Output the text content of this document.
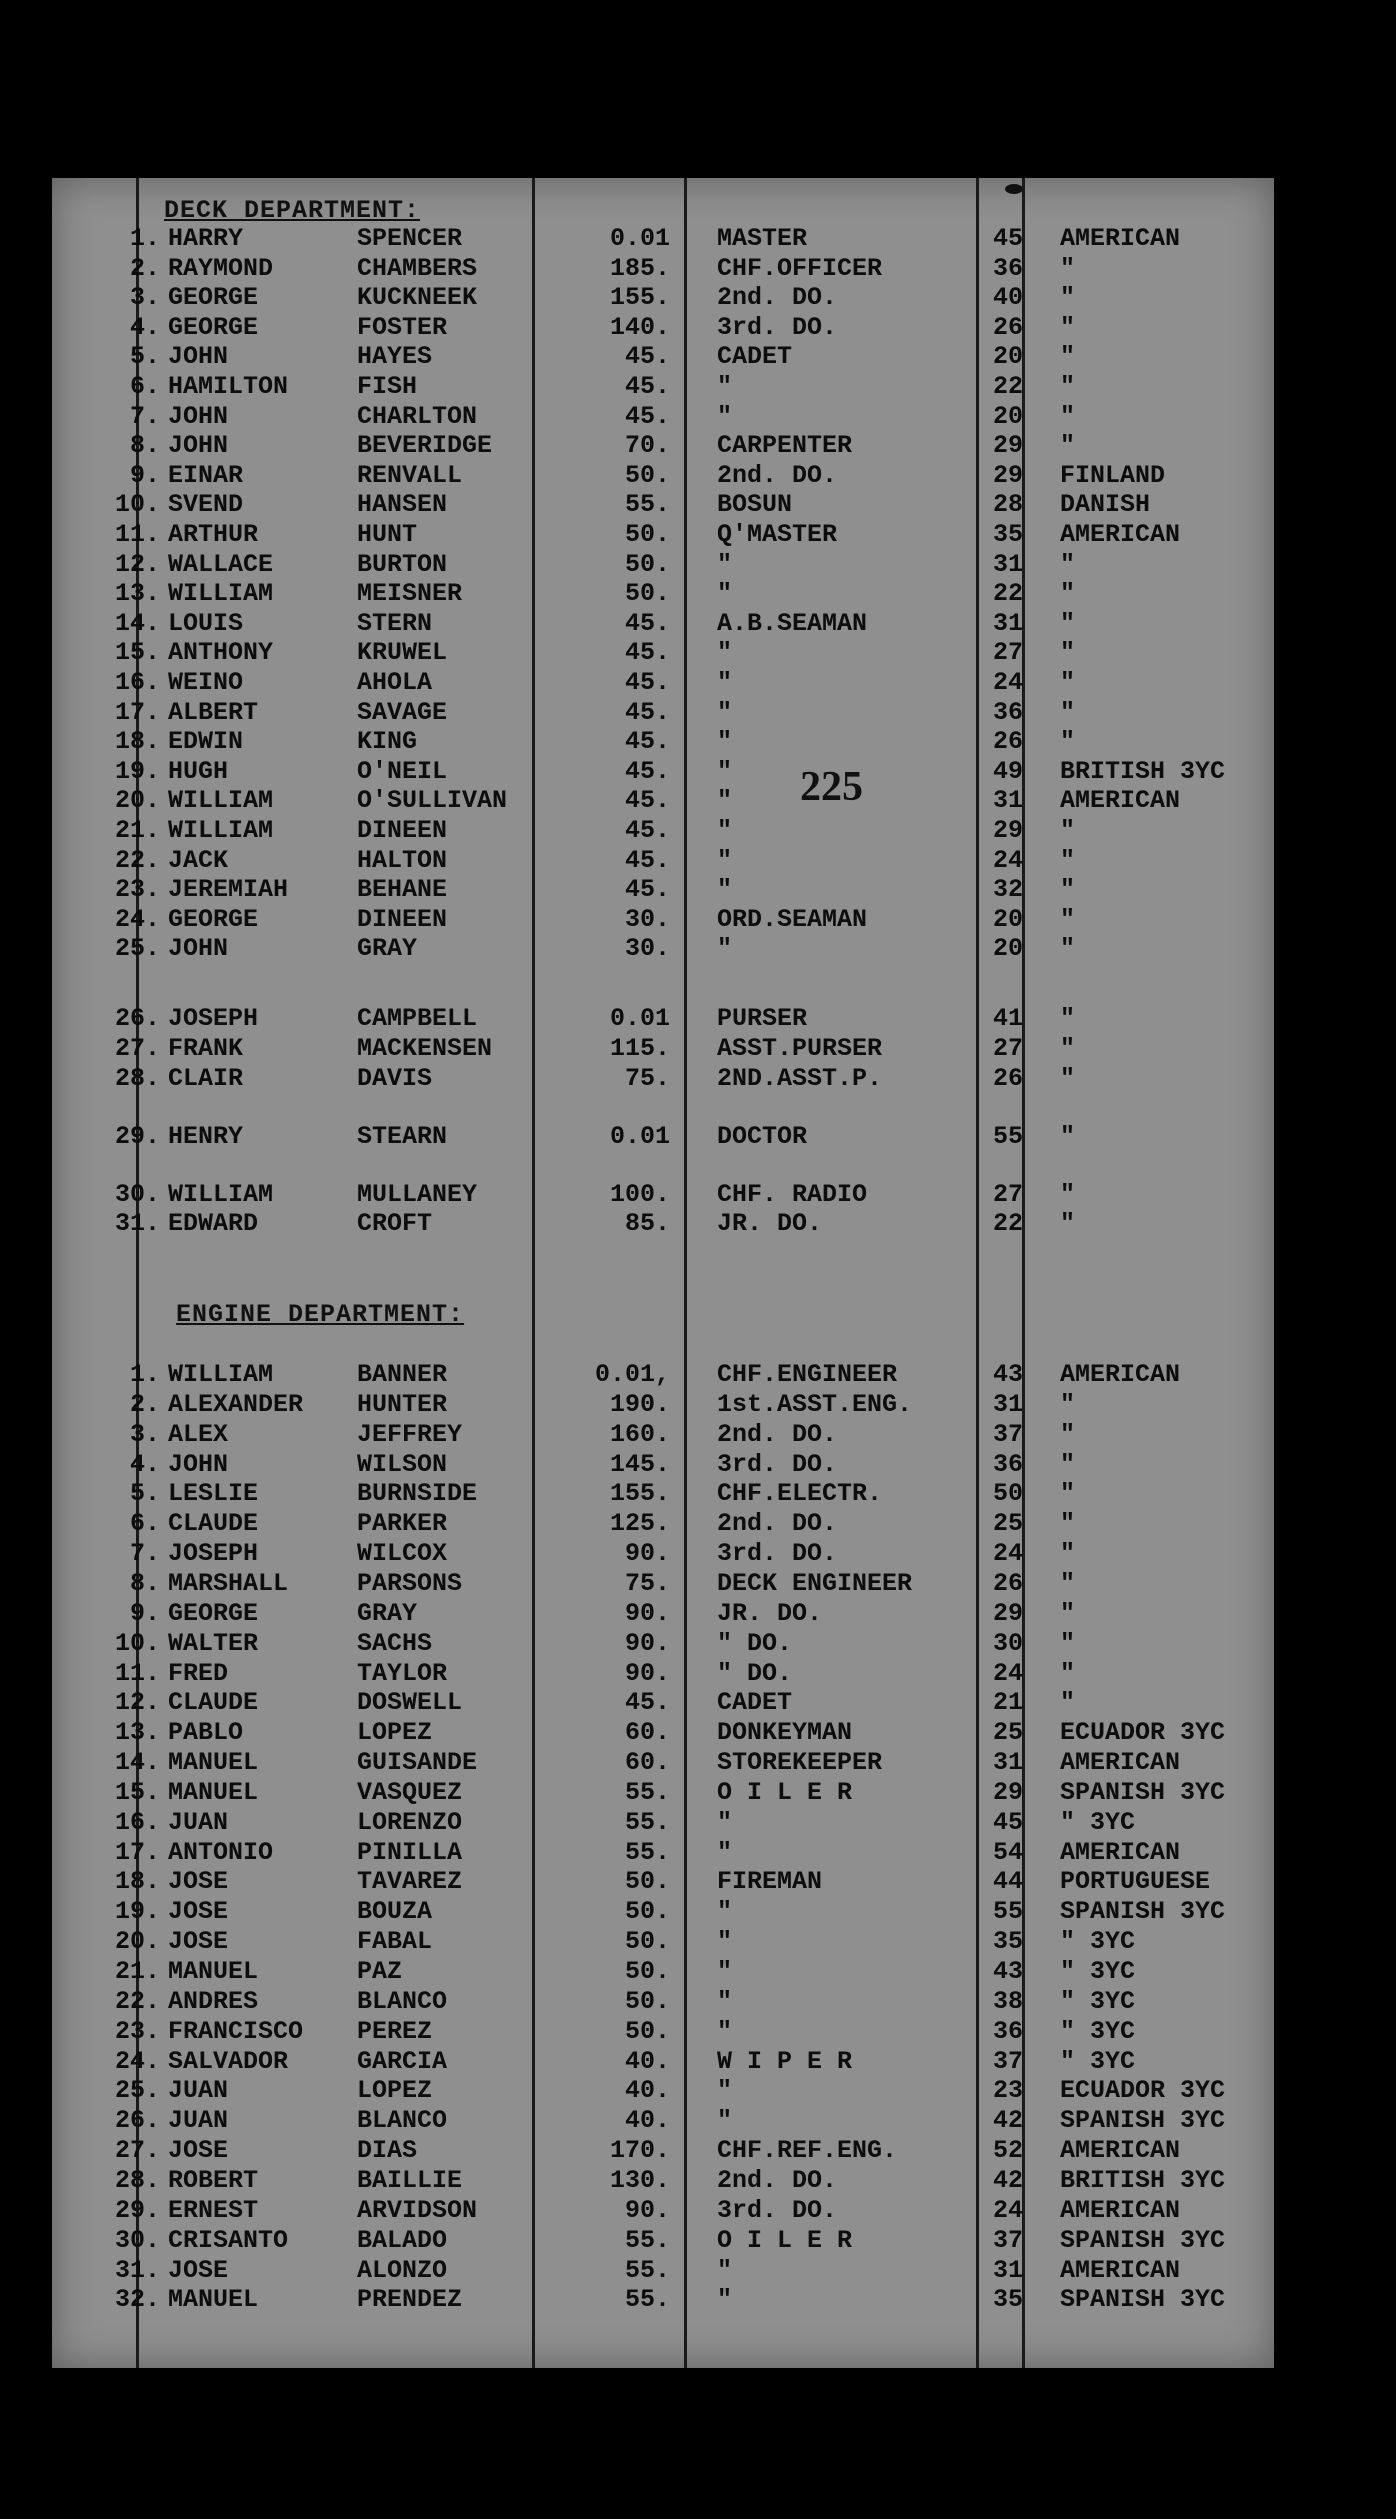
DECK DEPARTMENT:
1. HARRY	SPENCER	0.01 MASTER	45 AMERICAN
2. RAYMOND	CHAMBERS	185. CHF.OFFICER	36 "
3. GEORGE	KUCKNEEK	155. 2nd. DO.	40 "
4. GEORGE	FOSTER	140. 3rd. DO.	26 "
5. JOHN	HAYES	45. CADET	20 "
6. HAMILTON	FISH	45. "	22 "
7. JOHN	CHARLTON	45. "	20 "
8. JOHN	BEVERIDGE	70. CARPENTER	29 "
9. EINAR	RENVALL	50. 2nd. DO.	29 FINLAND
10. SVEND	HANSEN	55. BOSUN	28 DANISH
11. ARTHUR	HUNT	50. Q'MASTER	35 AMERICAN
12. WALLACE	BURTON	50. "	31 "
13. WILLIAM	MEISNER	50. "	22 "
14. LOUIS	STERN	45. A.B.SEAMAN	31 "
15. ANTHONY	KRUWEL	45. "	27 "
16. WEINO	AHOLA	45. "	24 "
17. ALBERT	SAVAGE	45. "	36 "
18. EDWIN	KING	45. "	26 "
19. HUGH	O'NEIL	45. "	49 BRITISH 3YC
20. WILLIAM	O'SULLIVAN	45. "	31 AMERICAN
21. WILLIAM	DINEEN	45. "	29 "
22. JACK	HALTON	45. "	24 "
23. JEREMIAH	BEHANE	45. "	32 "
24. GEORGE	DINEEN	30. ORD.SEAMAN	20 "
25. JOHN	GRAY	30. "	20 "
26. JOSEPH	CAMPBELL	0.01 PURSER	41 "
27. FRANK	MACKENSEN	115. ASST.PURSER	27 "
28. CLAIR	DAVIS	75. 2ND.ASST.P.	26 "
29. HENRY	STEARN	0.01 DOCTOR	55 "
30. WILLIAM	MULLANEY	100. CHF. RADIO	27 "
31. EDWARD	CROFT	85. JR. DO.	22 "
225
ENGINE DEPARTMENT:
1. WILLIAM	BANNER	0.01, CHF.ENGINEER	43 AMERICAN
2. ALEXANDER HUNTER	190. 1st.ASST.ENG.	31 "
3. ALEX	JEFFREY	160. 2nd. DO.	37 "
4. JOHN	WILSON	145. 3rd. DO.	36 "
5. LESLIE	BURNSIDE	155. CHF.ELECTR.	50 "
6. CLAUDE	PARKER	125. 2nd. DO.	25 "
7. JOSEPH	WILCOX	90. 3rd. DO.	24 "
8. MARSHALL	PARSONS	75. DECK ENGINEER	26 "
9. GEORGE	GRAY	90. JR. DO.	29 "
10. WALTER	SACHS	90. " DO.	30 "
11. FRED	TAYLOR	90. " DO.	24 "
12. CLAUDE	DOSWELL	45. CADET	21 "
13. PABLO	LOPEZ	60. DONKEYMAN	25 ECUADOR 3YC
14. MANUEL	GUISANDE	60. STOREKEEPER	31 AMERICAN
15. MANUEL	VASQUEZ	55. O I L E R	29 SPANISH 3YC
16. JUAN	LORENZO	55. "	45 " 3YC
17. ANTONIO	PINILLA	55. "	54 AMERICAN
18. JOSE	TAVAREZ	50. FIREMAN	44 PORTUGUESE
19. JOSE	BOUZA	50. "	55 SPANISH 3YC
20. JOSE	FABAL	50. "	35 " 3YC
21. MANUEL	PAZ	50. "	43 " 3YC
22. ANDRES	BLANCO	50. "	38 " 3YC
23. FRANCISCO PEREZ	50. "	36 " 3YC
24. SALVADOR	GARCIA	40. W I P E R	37 " 3YC
25. JUAN	LOPEZ	40. "	23 ECUADOR 3YC
26. JUAN	BLANCO	40. "	42 SPANISH 3YC
27. JOSE	DIAS	170. CHF.REF.ENG.	52 AMERICAN
28. ROBERT	BAILLIE	130. 2nd. DO.	42 BRITISH 3YC
29. ERNEST	ARVIDSON	90. 3rd. DO.	24 AMERICAN
30. CRISANTO	BALADO	55. O I L E R	37 SPANISH 3YC
31. JOSE	ALONZO	55. "	31 AMERICAN
32. MANUEL	PRENDEZ	55. "	35 SPANISH 3YC
